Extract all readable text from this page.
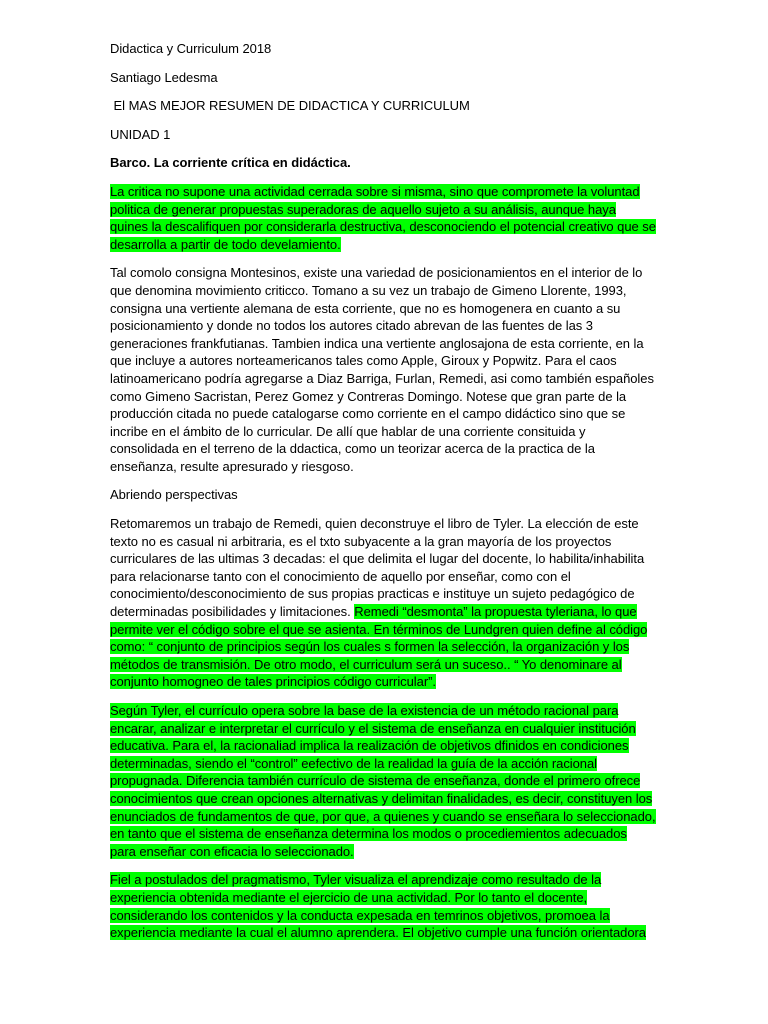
Didactica y Curriculum 2018

Santiago Ledesma

El MAS MEJOR RESUMEN DE DIDACTICA Y CURRICULUM

UNIDAD 1

Barco. La corriente crítica en didáctica.

La critica no supone una actividad cerrada sobre si misma, sino que compromete la voluntad politica de generar propuestas superadoras de aquello sujeto a su análisis, aunque haya quines la descalifiquen por considerarla destructiva, desconociendo el potencial creativo que se desarrolla a partir de todo develamiento.

Tal comolo consigna Montesinos, existe una variedad de posicionamientos en el interior de lo que denomina movimiento criticco. Tomano a su vez un trabajo de Gimeno Llorente, 1993, consigna una vertiente alemana de esta corriente, que no es homogenera en cuanto a su posicionamiento y donde no todos los autores citado abrevan de las fuentes de las 3 generaciones frankfutianas. Tambien indica una vertiente anglosajona de esta corriente, en la que incluye a autores norteamericanos tales como Apple, Giroux y Popwitz. Para el caos latinoamericano podría agregarse a Diaz Barriga, Furlan, Remedi, asi como también españoles como Gimeno Sacristan, Perez Gomez y Contreras Domingo. Notese que gran parte de la producción citada no puede catalogarse como corriente en el campo didáctico sino que se incribe en el ámbito de lo curricular. De allí que hablar de una corriente consituida y consolidada en el terreno de la ddactica, como un teorizar acerca de la practica de la enseñanza, resulte apresurado y riesgoso.

Abriendo perspectivas

Retomaremos un trabajo de Remedi, quien deconstruye el libro de Tyler. La elección de este texto no es casual ni arbitraria, es el txto subyacente a la gran mayoría de los proyectos curriculares de las ultimas 3 decadas: el que delimita el lugar del docente, lo habilita/inhabilita para relacionarse tanto con el conocimiento de aquello por enseñar, como con el conocimiento/desconocimiento de sus propias practicas e instituye un sujeto pedagógico de determinadas posibilidades y limitaciones. Remedi “desmonta” la propuesta tyleriana, lo que permite ver el código sobre el que se asienta. En términos de Lundgren quien define al código como: “ conjunto de principios según los cuales s formen la selección, la organización y los métodos de transmisión. De otro modo, el curriculum será un suceso.. “ Yo denominare al conjunto homogneo de tales principios código curricular”.

Según Tyler, el currículo opera sobre la base de la existencia de un método racional para encarar, analizar e interpretar el currículo y el sistema de enseñanza en cualquier institución educativa. Para el, la racionaliad implica la realización de objetivos dfinidos en condiciones determinadas, siendo el “control” eefectivo de la realidad la guía de la acción racional propugnada. Diferencia también currículo de sistema de enseñanza, donde el primero ofrece conocimientos que crean opciones alternativas y delimitan finalidades, es decir, constituyen los enunciados de fundamentos de que, por que, a quienes y cuando se enseñara lo seleccionado, en tanto que el sistema de enseñanza determina los modos o procediemientos adecuados para enseñar con eficacia lo seleccionado.

Fiel a postulados del pragmatismo, Tyler visualiza el aprendizaje como resultado de la experiencia obtenida mediante el ejercicio de una actividad. Por lo tanto el docente, considerando los contenidos y la conducta expesada en temrinos objetivos, promoea la experiencia mediante la cual el alumno aprendera. El objetivo cumple una función orientadora
